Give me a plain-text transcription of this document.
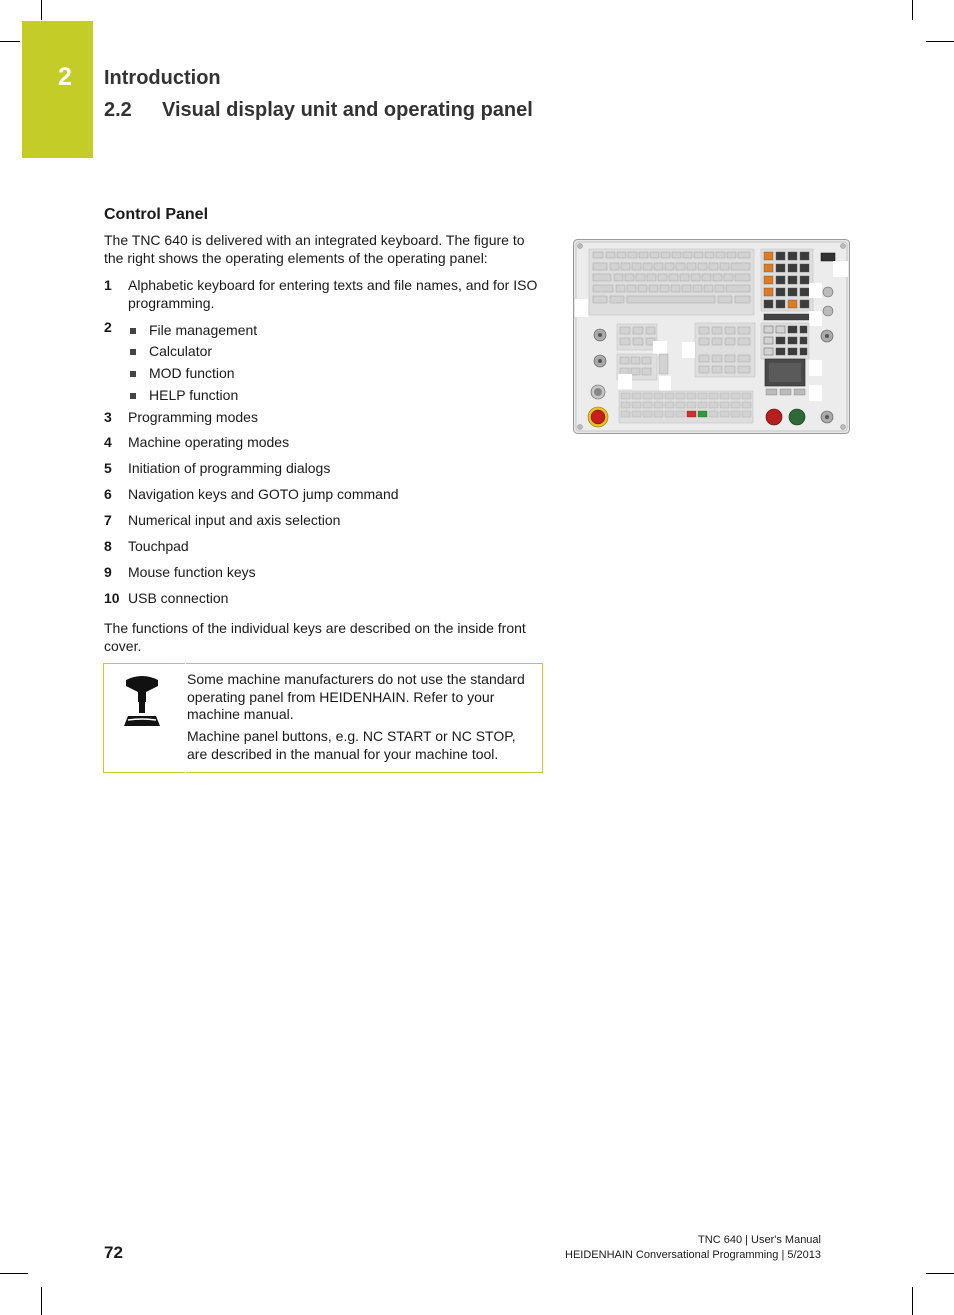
2 Introduction
2.2 Visual display unit and operating panel
Control Panel
The TNC 640 is delivered with an integrated keyboard. The figure to the right shows the operating elements of the operating panel:
1 Alphabetic keyboard for entering texts and file names, and for ISO programming.
2	File management
Calculator
MOD function
HELP function
3 Programming modes
4 Machine operating modes
5 Initiation of programming dialogs
6 Navigation keys and GOTO jump command
7 Numerical input and axis selection
8 Touchpad
9 Mouse function keys
10 USB connection
The functions of the individual keys are described on the inside front cover.
Some machine manufacturers do not use the standard operating panel from HEIDENHAIN. Refer to your machine manual.
Machine panel buttons, e.g. NC START or NC STOP, are described in the manual for your machine tool.
72
TNC 640 | User's Manual
HEIDENHAIN Conversational Programming | 5/2013
